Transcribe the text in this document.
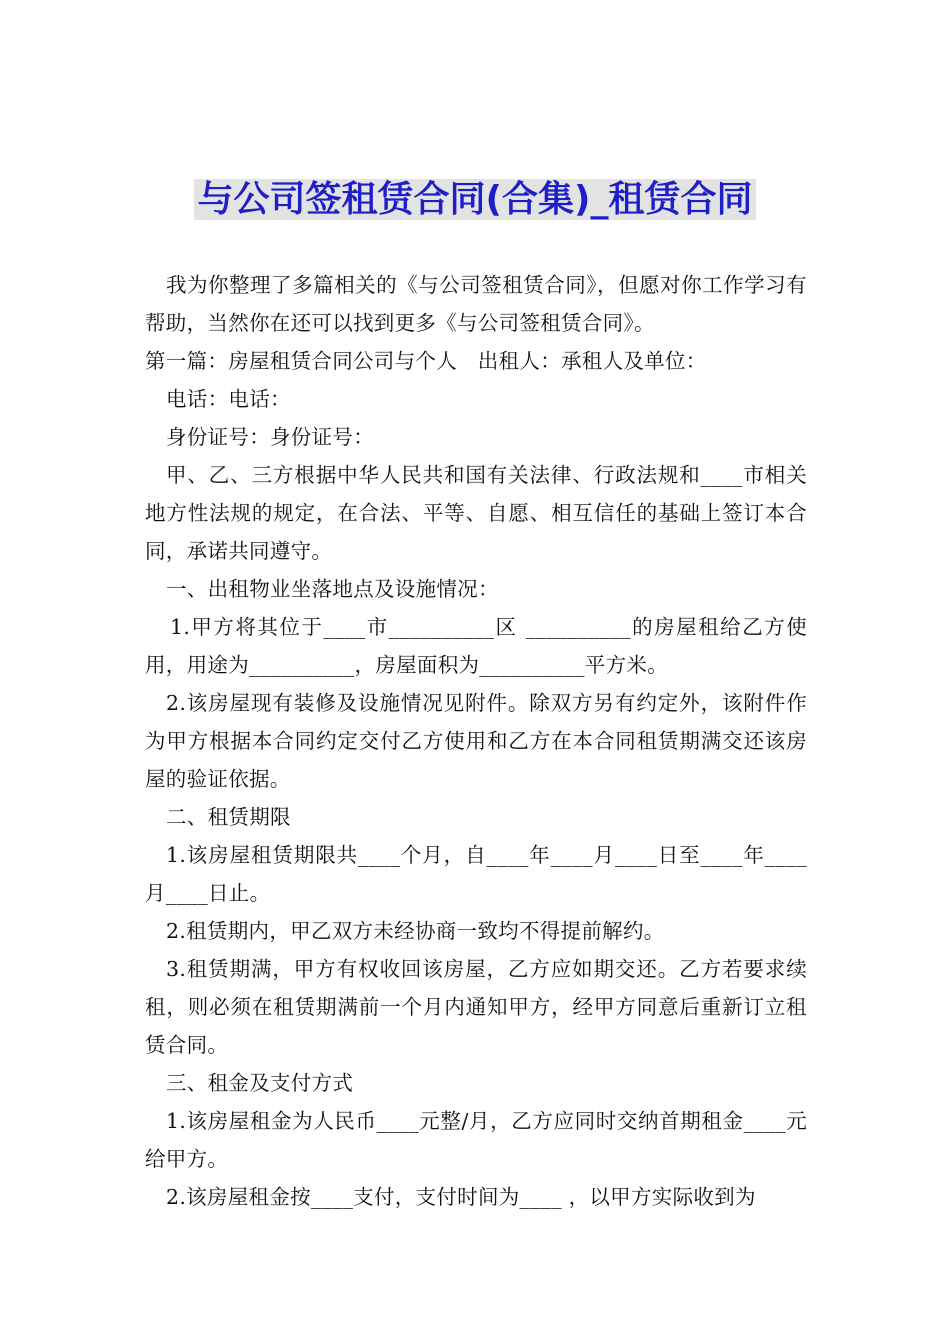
与公司签租赁合同(合集)_租赁合同

我为你整理了多篇相关的《与公司签租赁合同》，但愿对你工作学习有帮助，当然你在还可以找到更多《与公司签租赁合同》。

第一篇：房屋租赁合同公司与个人　出租人：承租人及单位：

电话：电话：

身份证号：身份证号：

甲、乙、三方根据中华人民共和国有关法律、行政法规和____市相关地方性法规的规定，在合法、平等、自愿、相互信任的基础上签订本合同，承诺共同遵守。

一、出租物业坐落地点及设施情况：

1.甲方将其位于____市__________区 __________的房屋租给乙方使用，用途为__________，房屋面积为__________平方米。

2.该房屋现有装修及设施情况见附件。除双方另有约定外，该附件作为甲方根据本合同约定交付乙方使用和乙方在本合同租赁期满交还该房屋的验证依据。

二、租赁期限

1.该房屋租赁期限共____个月，自____年____月____日至____年____月____日止。

2.租赁期内，甲乙双方未经协商一致均不得提前解约。

3.租赁期满，甲方有权收回该房屋，乙方应如期交还。乙方若要求续租，则必须在租赁期满前一个月内通知甲方，经甲方同意后重新订立租赁合同。

三、租金及支付方式

1.该房屋租金为人民币____元整/月，乙方应同时交纳首期租金____元给甲方。

2.该房屋租金按____支付，支付时间为____ ，以甲方实际收到为
